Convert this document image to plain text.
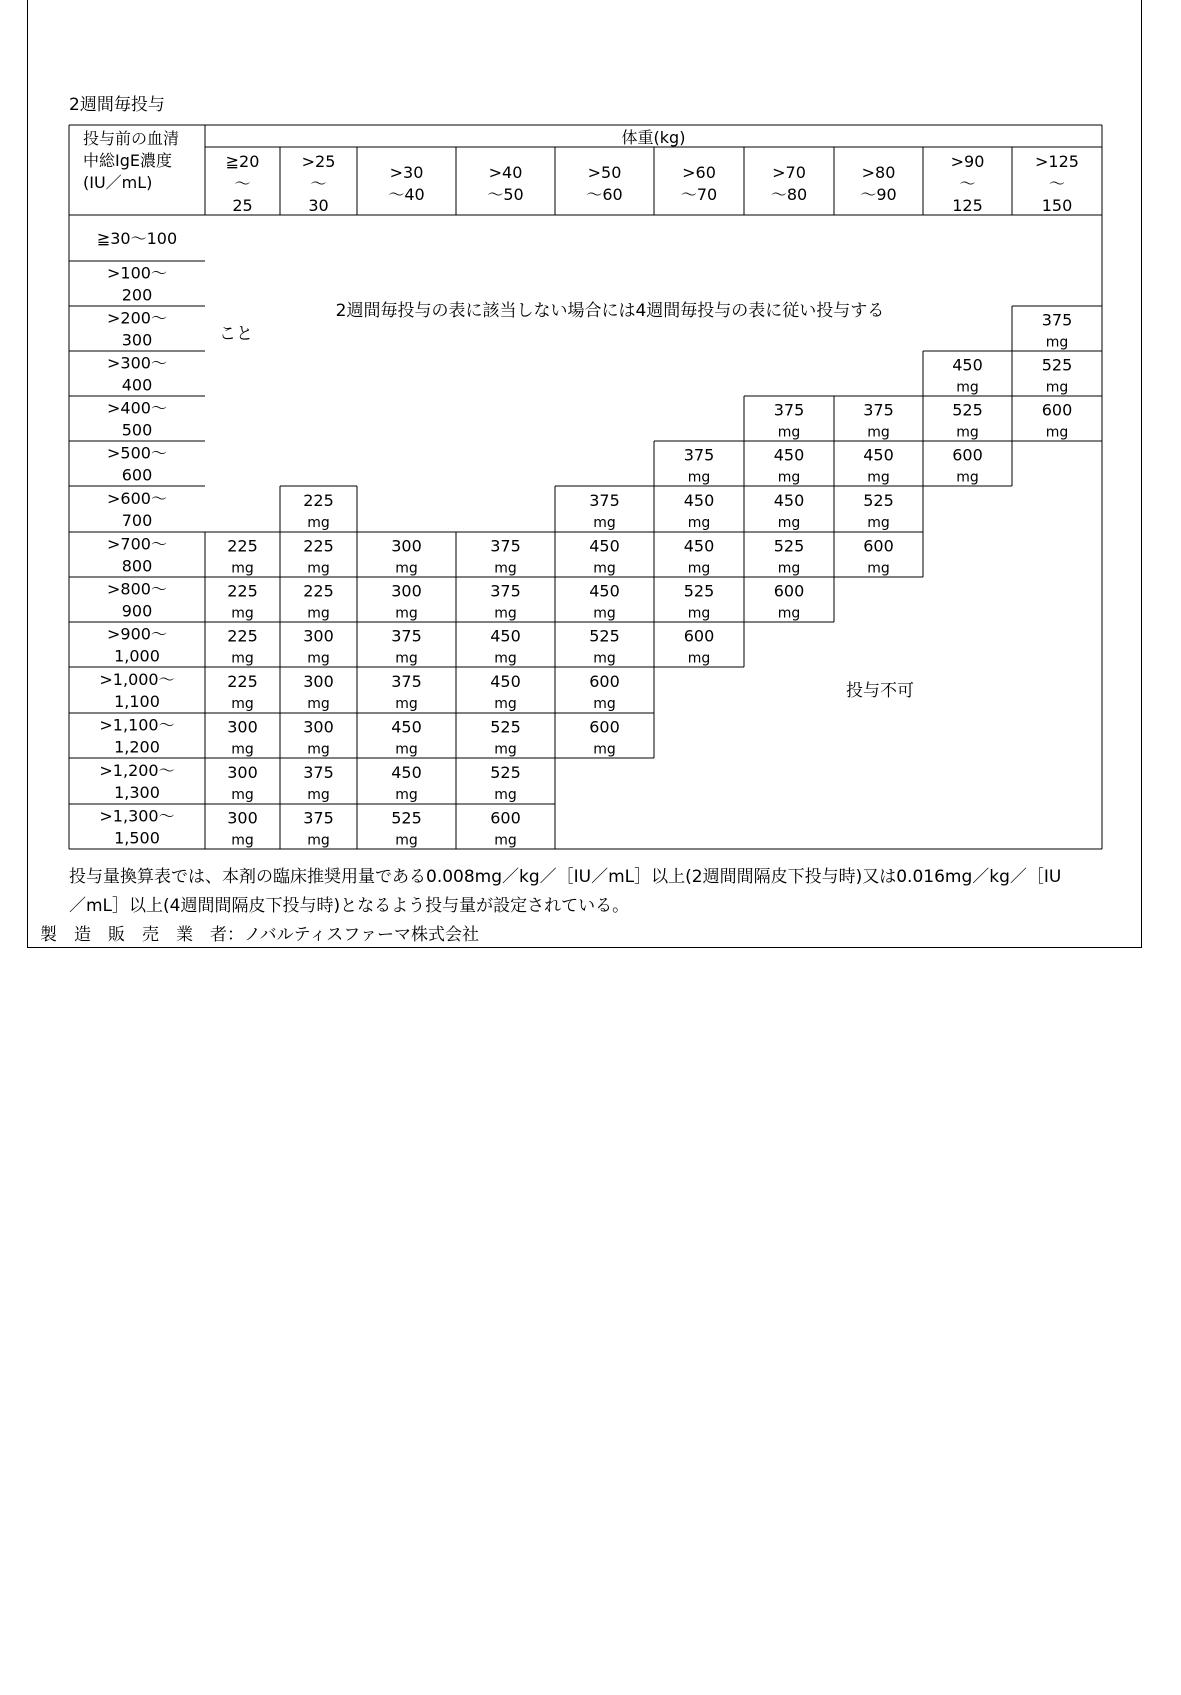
2週間毎投与
投与前の血清
中総IgE濃度
(IU／mL)
体重(kg)
≧20
～
25
>25
～
30
>30
～40
>40
～50
>50
～60
>60
～70
>70
～80
>80
～90
>90
～
125
>125
～
150
≧30～100
>100～
200
>200～
300
>300～
400
>400～
500
>500～
600
>600～
700
>700～
800
>800～
900
>900～
1,000
>1,000～
1,100
>1,100～
1,200
>1,200～
1,300
>1,300～
1,500
375
mg
450
mg
525
mg
375
mg
375
mg
525
mg
600
mg
375
mg
450
mg
450
mg
600
mg
225
mg
375
mg
450
mg
450
mg
525
mg
225
mg
225
mg
300
mg
375
mg
450
mg
450
mg
525
mg
600
mg
225
mg
225
mg
300
mg
375
mg
450
mg
525
mg
600
mg
225
mg
300
mg
375
mg
450
mg
525
mg
600
mg
225
mg
300
mg
375
mg
450
mg
600
mg
300
mg
300
mg
450
mg
525
mg
600
mg
300
mg
375
mg
450
mg
525
mg
300
mg
375
mg
525
mg
600
mg
2週間毎投与の表に該当しない場合には4週間毎投与の表に従い投与する
こと
投与不可
投与量換算表では、本剤の臨床推奨用量である0.008mg／kg／［IU／mL］以上(2週間間隔皮下投与時)又は0.016mg／kg／［IU
／mL］以上(4週間間隔皮下投与時)となるよう投与量が設定されている。
製　造　販　売　業　者：ノバルティスファーマ株式会社
